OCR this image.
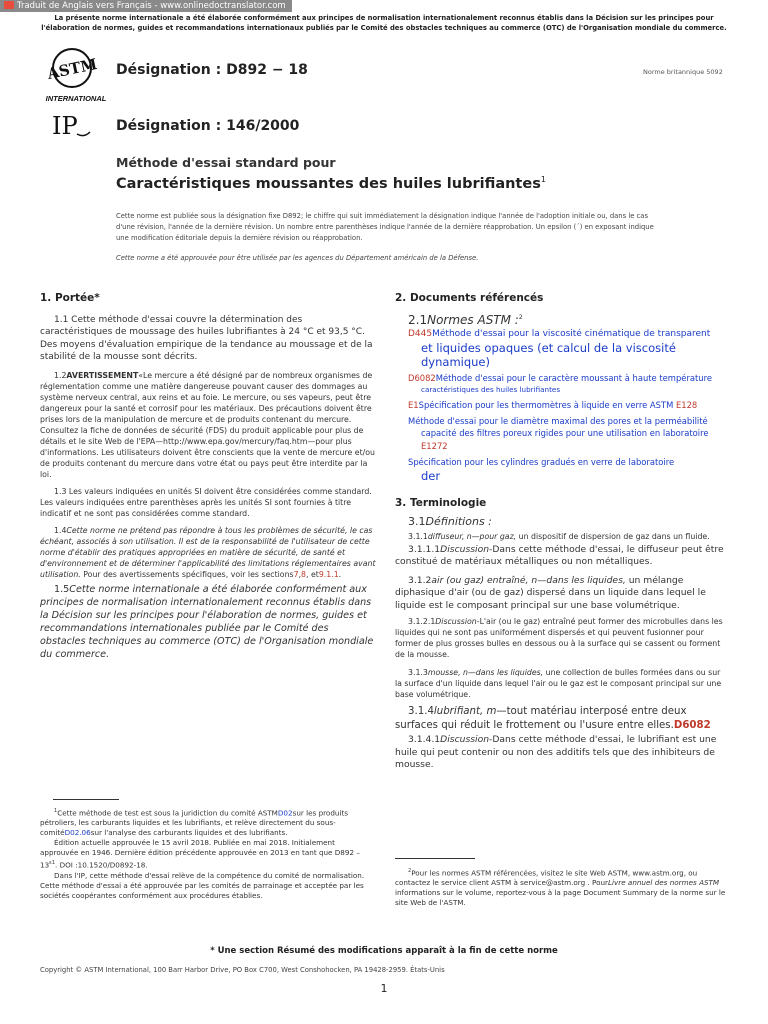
Traduit de Anglais vers Français - www.onlinedoctranslator.com
La présente norme internationale a été élaborée conformément aux principes de normalisation internationalement reconnus établis dans la Décision sur les principes pour l'élaboration de normes, guides et recommandations internationaux publiés par le Comité des obstacles techniques au commerce (OTC) de l'Organisation mondiale du commerce.
ASTM
INTERNATIONAL
IP
Désignation : D892 − 18	Norme britannique 5092
Désignation : 146/2000
Méthode d'essai standard pour
Caractéristiques moussantes des huiles lubrifiantes$^1$
Cette norme est publiée sous la désignation fixe D892; le chiffre qui suit immédiatement la désignation indique l'année de l'adoption initiale ou, dans le cas d'une révision, l'année de la dernière révision. Un nombre entre parenthèses indique l'année de la dernière réapprobation. Un epsilon (´) en exposant indique une modification éditoriale depuis la dernière révision ou réapprobation.
Cette norme a été approuvée pour être utilisée par les agences du Département américain de la Défense.
1. Portée*
1.1 Cette méthode d'essai couvre la détermination des caractéristiques de moussage des huiles lubrifiantes à 24 °C et 93,5 °C. Des moyens d'évaluation empirique de la tendance au moussage et de la stabilité de la mousse sont décrits.
1.2AVERTISSEMENT«Le mercure a été désigné par de nombreux organismes de réglementation comme une matière dangereuse pouvant causer des dommages au système nerveux central, aux reins et au foie. Le mercure, ou ses vapeurs, peut être dangereux pour la santé et corrosif pour les matériaux. Des précautions doivent être prises lors de la manipulation de mercure et de produits contenant du mercure. Consultez la fiche de données de sécurité (FDS) du produit applicable pour plus de détails et le site Web de l'EPA—http://www.epa.gov/mercury/faq.htm—pour plus d'informations. Les utilisateurs doivent être conscients que la vente de mercure et/ou de produits contenant du mercure dans votre état ou pays peut être interdite par la loi.
1.3 Les valeurs indiquées en unités SI doivent être considérées comme standard. Les valeurs indiquées entre parenthèses après les unités SI sont fournies à titre indicatif et ne sont pas considérées comme standard.
1.4Cette norme ne prétend pas répondre à tous les problèmes de sécurité, le cas échéant, associés à son utilisation. Il est de la responsabilité de l'utilisateur de cette norme d'établir des pratiques appropriées en matière de sécurité, de santé et d'environnement et de déterminer l'applicabilité des limitations réglementaires avant utilisation. Pour des avertissements spécifiques, voir les sections7,8, et9.1.1.
1.5Cette norme internationale a été élaborée conformément aux principes de normalisation internationalement reconnus établis dans la Décision sur les principes pour l'élaboration de normes, guides et recommandations internationales publiée par le Comité des obstacles techniques au commerce (OTC) de l'Organisation mondiale du commerce.
$^1$Cette méthode de test est sous la juridiction du comité ASTMD02sur les produits pétroliers, les carburants liquides et les lubrifiants, et relève directement du sous-comitéD02.06sur l'analyse des carburants liquides et des lubrifiants.
Édition actuelle approuvée le 15 avril 2018. Publiée en mai 2018. Initialement approuvée en 1946. Dernière édition précédente approuvée en 2013 en tant que $D892 - 13^{\varepsilon 1}$. DOI :10.1520/D0892-18.
Dans l'IP, cette méthode d'essai relève de la compétence du comité de normalisation. Cette méthode d'essai a été approuvée par les comités de parrainage et acceptée par les sociétés coopérantes conformément aux procédures établies.
2. Documents référencés
2.1Normes ASTM :$^2$
D445Méthode d'essai pour la viscosité cinématique de transparent
et liquides opaques (et calcul de la viscosité dynamique)
D6082Méthode d'essai pour le caractère moussant à haute température
caractéristiques des huiles lubrifiantes
E1Spécification pour les thermomètres à liquide en verre ASTM E128
Méthode d'essai pour le diamètre maximal des pores et la perméabilité
capacité des filtres poreux rigides pour une utilisation en laboratoire E1272
Spécification pour les cylindres gradués en verre de laboratoire
der
3. Terminologie
3.1Définitions :
3.1.1diffuseur, n—pour gaz, un dispositif de dispersion de gaz dans un fluide.
3.1.1.1Discussion-Dans cette méthode d'essai, le diffuseur peut être constitué de matériaux métalliques ou non métalliques.
3.1.2air (ou gaz) entraîné, n—dans les liquides, un mélange diphasique d'air (ou de gaz) dispersé dans un liquide dans lequel le liquide est le composant principal sur une base volumétrique.
3.1.2.1Discussion-L'air (ou le gaz) entraîné peut former des microbulles dans les liquides qui ne sont pas uniformément dispersés et qui peuvent fusionner pour former de plus grosses bulles en dessous ou à la surface qui se cassent ou forment de la mousse.
3.1.3mousse, n—dans les liquides, une collection de bulles formées dans ou sur la surface d'un liquide dans lequel l'air ou le gaz est le composant principal sur une base volumétrique.
3.1.4lubrifiant, m—tout matériau interposé entre deux surfaces qui réduit le frottement ou l'usure entre elles.D6082
3.1.4.1Discussion-Dans cette méthode d'essai, le lubrifiant est une huile qui peut contenir ou non des additifs tels que des inhibiteurs de mousse.
$^2$Pour les normes ASTM référencées, visitez le site Web ASTM, www.astm.org, ou contactez le service client ASTM à service@astm.org . PourLivre annuel des normes ASTM informations sur le volume, reportez-vous à la page Document Summary de la norme sur le site Web de l'ASTM.
* Une section Résumé des modifications apparaît à la fin de cette norme
Copyright © ASTM International, 100 Barr Harbor Drive, PO Box C700, West Conshohocken, PA 19428-2959. États-Unis
1
